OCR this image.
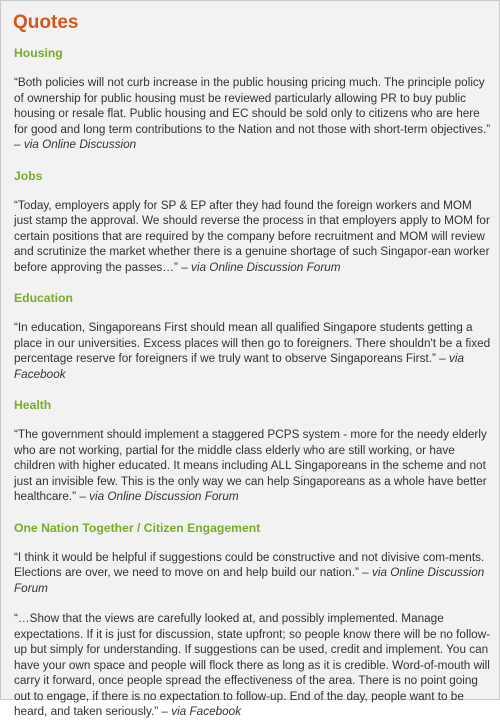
Quotes
Housing

“Both policies will not curb increase in the public housing pricing much. The principle policy of ownership for public housing must be reviewed particularly allowing PR to buy public housing or resale flat. Public housing and EC should be sold only to citizens who are here for good and long term contributions to the Nation and not those with short-term objectives.” – via Online Discussion

Jobs

“Today, employers apply for SP & EP after they had found the foreign workers and MOM just stamp the approval. We should reverse the process in that employers apply to MOM for certain positions that are required by the company before recruitment and MOM will review and scrutinize the market whether there is a genuine shortage of such Singapor-ean worker before approving the passes…” – via Online Discussion Forum

Education

“In education, Singaporeans First should mean all qualified Singapore students getting a place in our universities. Excess places will then go to foreigners. There shouldn't be a fixed percentage reserve for foreigners if we truly want to observe Singaporeans First.” – via Facebook

Health

“The government should implement a staggered PCPS system - more for the needy elderly who are not working, partial for the middle class elderly who are still working, or have children with higher educated. It means including ALL Singaporeans in the scheme and not just an invisible few. This is the only way we can help Singaporeans as a whole have better healthcare.” – via Online Discussion Forum

One Nation Together / Citizen Engagement

“I think it would be helpful if suggestions could be constructive and not divisive com-ments. Elections are over, we need to move on and help build our nation.” – via Online Discussion Forum

“…Show that the views are carefully looked at, and possibly implemented. Manage expectations. If it is just for discussion, state upfront; so people know there will be no follow-up but simply for understanding. If suggestions can be used, credit and implement. You can have your own space and people will flock there as long as it is credible. Word-of-mouth will carry it forward, once people spread the effectiveness of the area. There is no point going out to engage, if there is no expectation to follow-up. End of the day, people want to be heard, and taken seriously.” – via Facebook
